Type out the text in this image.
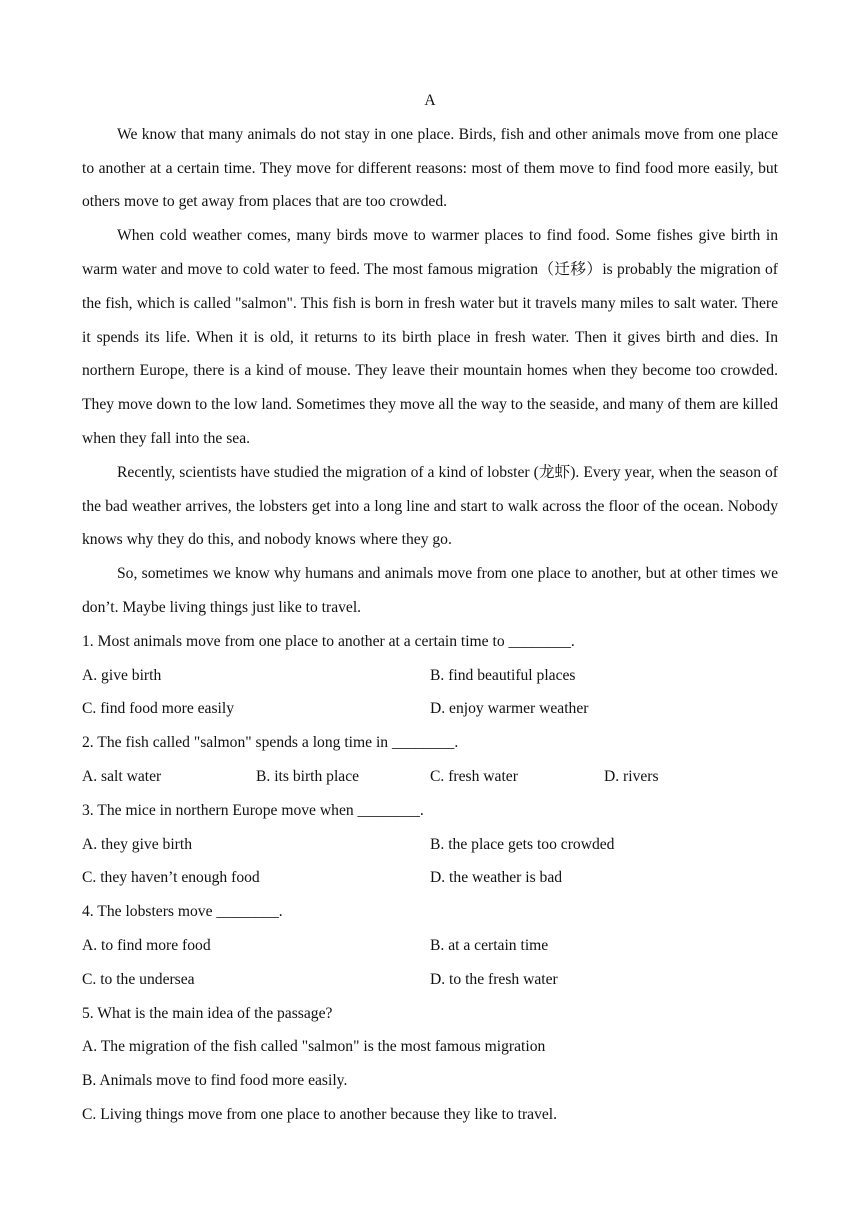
A

We know that many animals do not stay in one place. Birds, fish and other animals move from one place to another at a certain time. They move for different reasons: most of them move to find food more easily, but others move to get away from places that are too crowded.

When cold weather comes, many birds move to warmer places to find food. Some fishes give birth in warm water and move to cold water to feed. The most famous migration（迁移）is probably the migration of the fish, which is called "salmon". This fish is born in fresh water but it travels many miles to salt water. There it spends its life. When it is old, it returns to its birth place in fresh water. Then it gives birth and dies. In northern Europe, there is a kind of mouse. They leave their mountain homes when they become too crowded. They move down to the low land. Sometimes they move all the way to the seaside, and many of them are killed when they fall into the sea.

Recently, scientists have studied the migration of a kind of lobster (龙虾). Every year, when the season of the bad weather arrives, the lobsters get into a long line and start to walk across the floor of the ocean. Nobody knows why they do this, and nobody knows where they go.

So, sometimes we know why humans and animals move from one place to another, but at other times we don’t. Maybe living things just like to travel.

1. Most animals move from one place to another at a certain time to ________.

A. give birth	B. find beautiful places
C. find food more easily	D. enjoy warmer weather

2. The fish called "salmon" spends a long time in ________.

A. salt water	B. its birth place	C. fresh water	D. rivers

3. The mice in northern Europe move when ________.

A. they give birth	B. the place gets too crowded
C. they haven’t enough food	D. the weather is bad

4. The lobsters move ________.

A. to find more food	B. at a certain time
C. to the undersea	D. to the fresh water

5. What is the main idea of the passage?

A. The migration of the fish called "salmon" is the most famous migration
B. Animals move to find food more easily.
C. Living things move from one place to another because they like to travel.
